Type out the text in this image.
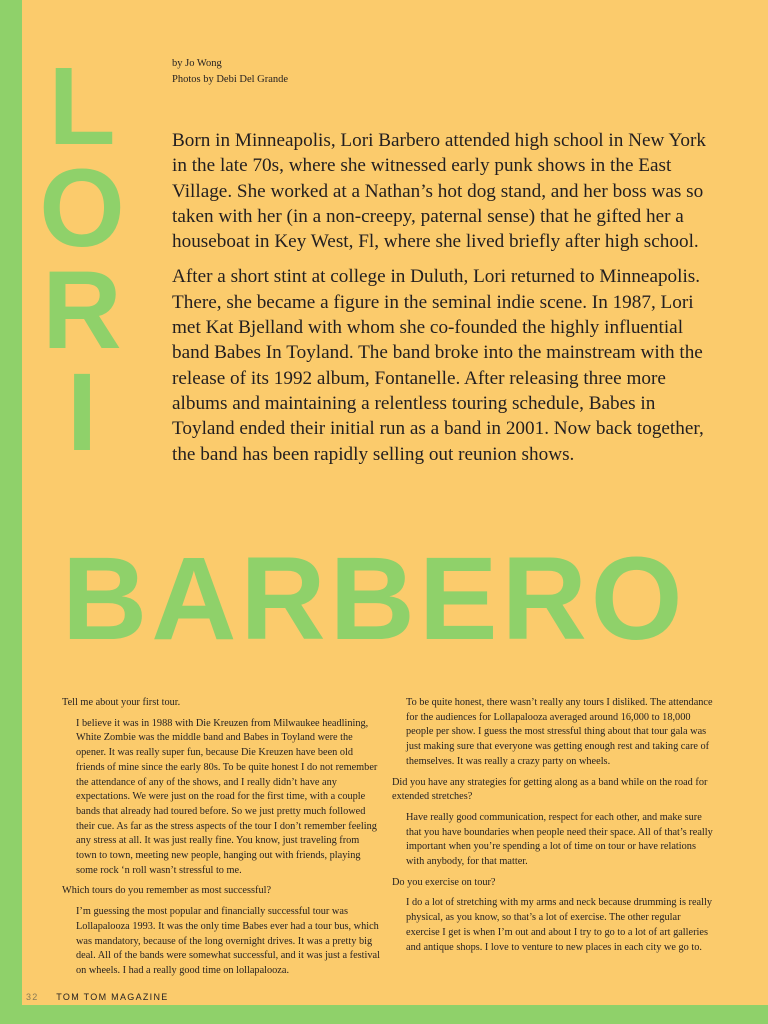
L
O
R
I
by Jo Wong
Photos by Debi Del Grande

Born in Minneapolis, Lori Barbero attended high school in New York in the late 70s, where she witnessed early punk shows in the East Village. She worked at a Nathan’s hot dog stand, and her boss was so taken with her (in a non-creepy, paternal sense) that he gifted her a houseboat in Key West, Fl, where she lived briefly after high school.

After a short stint at college in Duluth, Lori returned to Minneapolis. There, she became a figure in the seminal indie scene. In 1987, Lori met Kat Bjelland with whom she co-founded the highly influential band Babes In Toyland. The band broke into the mainstream with the release of its 1992 album, Fontanelle. After releasing three more albums and maintaining a relentless touring schedule, Babes in Toyland ended their initial run as a band in 2001. Now back together, the band has been rapidly selling out reunion shows.

BARBERO

Tell me about your first tour.

I believe it was in 1988 with Die Kreuzen from Milwaukee headlining, White Zombie was the middle band and Babes in Toyland were the opener. It was really super fun, because Die Kreuzen have been old friends of mine since the early 80s. To be quite honest I do not remember the attendance of any of the shows, and I really didn’t have any expectations. We were just on the road for the first time, with a couple bands that already had toured before. So we just pretty much followed their cue. As far as the stress aspects of the tour I don’t remember feeling any stress at all. It was just really fine. You know, just traveling from town to town, meeting new people, hanging out with friends, playing some rock ‘n roll wasn’t stressful to me.

Which tours do you remember as most successful?

I’m guessing the most popular and financially successful tour was Lollapalooza 1993. It was the only time Babes ever had a tour bus, which was mandatory, because of the long overnight drives. It was a pretty big deal. All of the bands were somewhat successful, and it was just a festival on wheels. I had a really good time on lollapalooza.

To be quite honest, there wasn’t really any tours I disliked. The attendance for the audiences for Lollapalooza averaged around 16,000 to 18,000 people per show. I guess the most stressful thing about that tour gala was just making sure that everyone was getting enough rest and taking care of themselves. It was really a crazy party on wheels.

Did you have any strategies for getting along as a band while on the road for extended stretches?

Have really good communication, respect for each other, and make sure that you have boundaries when people need their space. All of that’s really important when you’re spending a lot of time on tour or have relations with anybody, for that matter.

Do you exercise on tour?

I do a lot of stretching with my arms and neck because drumming is really physical, as you know, so that’s a lot of exercise. The other regular exercise I get is when I’m out and about I try to go to a lot of art galleries and antique shops. I love to venture to new places in each city we go to.

32 TOM TOM MAGAZINE
